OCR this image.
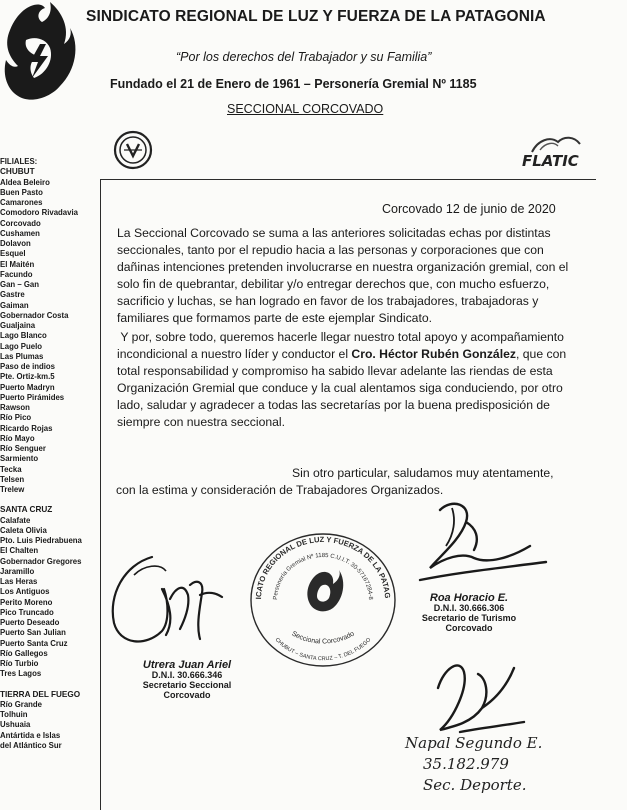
SINDICATO REGIONAL DE LUZ Y FUERZA DE LA PATAGONIA
“Por los derechos del Trabajador y su Familia”
Fundado el 21 de Enero de 1961 – Personería Gremial Nº 1185
SECCIONAL CORCOVADO
FLATIC
FILIALES:
CHUBUT
Aldea Beleiro
Buen Pasto
Camarones
Comodoro Rivadavia
Corcovado
Cushamen
Dolavon
Esquel
El Maitén
Facundo
Gan – Gan
Gastre
Gaiman
Gobernador Costa
Gualjaina
Lago Blanco
Lago Puelo
Las Plumas
Paso de indios
Pte. Ortiz-km.5
Puerto Madryn
Puerto Pirámides
Rawson
Río Pico
Ricardo Rojas
Río Mayo
Río Senguer
Sarmiento
Tecka
Telsen
Trelew
SANTA CRUZ
Calafate
Caleta Olivia
Pto. Luis Piedrabuena
El Chalten
Gobernador Gregores
Jaramillo
Las Heras
Los Antiguos
Perito Moreno
Pico Truncado
Puerto Deseado
Puerto San Julian
Puerto Santa Cruz
Río Gallegos
Río Turbio
Tres Lagos
TIERRA DEL FUEGO
Río Grande
Tolhuin
Ushuaia
Antártida e Islas
del Atlántico Sur
Corcovado 12 de junio de 2020
La Seccional Corcovado se suma a las anteriores solicitadas echas por distintas seccionales, tanto por el repudio hacia a las personas y corporaciones que con dañinas intenciones pretenden involucrarse en nuestra organización gremial, con el solo fin de quebrantar, debilitar y/o entregar derechos que, con mucho esfuerzo, sacrificio y luchas, se han logrado en favor de los trabajadores, trabajadoras y familiares que formamos parte de este ejemplar Sindicato.
Y por, sobre todo, queremos hacerle llegar nuestro total apoyo y acompañamiento incondicional a nuestro líder y conductor el Cro. Héctor Rubén González, que con total responsabilidad y compromiso ha sabido llevar adelante las riendas de esta Organización Gremial que conduce y la cual alentamos siga conduciendo, por otro lado, saludar y agradecer a todas las secretarías por la buena predisposición de siempre con nuestra seccional.
Sin otro particular, saludamos muy atentamente,
con la estima y consideración de Trabajadores Organizados.
SINDICATO REGIONAL DE LUZ Y FUERZA DE LA PATAGONIA
Personería Gremial Nº 1185 C.U.I.T. 30-57167284-8
Seccional Corcovado
CHUBUT – SANTA CRUZ – T. DEL FUEGO
Utrera Juan Ariel
D.N.I. 30.666.346
Secretario Seccional
Corcovado
Roa Horacio E.
D.N.I. 30.666.306
Secretario de Turismo
Corcovado
Napal Segundo E.
35.182.979
Sec. Deporte.
